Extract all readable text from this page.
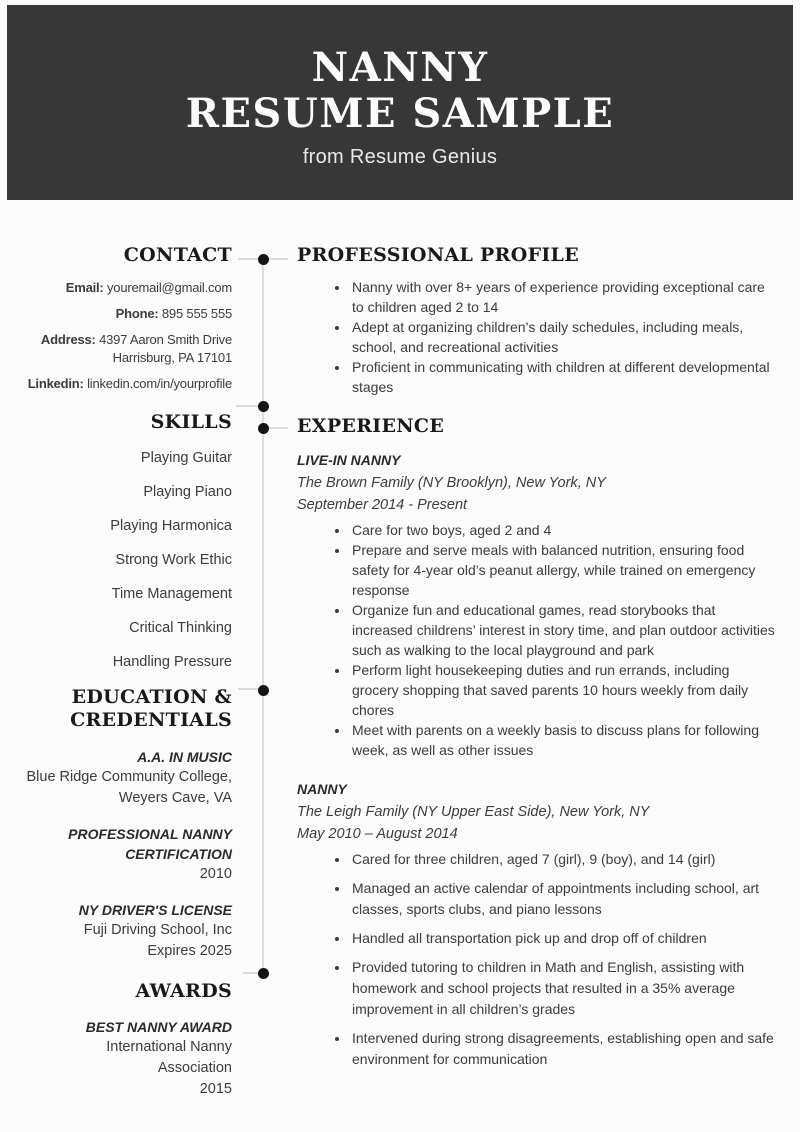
NANNY
RESUME SAMPLE
from Resume Genius
CONTACT
Email: youremail@gmail.com
Phone: 895 555 555
Address: 4397 Aaron Smith Drive
Harrisburg, PA 17101
Linkedin: linkedin.com/in/yourprofile
SKILLS
Playing Guitar
Playing Piano
Playing Harmonica
Strong Work Ethic
Time Management
Critical Thinking
Handling Pressure
EDUCATION & CREDENTIALS
A.A. IN MUSIC
Blue Ridge Community College,
Weyers Cave, VA
PROFESSIONAL NANNY CERTIFICATION
2010
NY DRIVER'S LICENSE
Fuji Driving School, Inc
Expires 2025
AWARDS
BEST NANNY AWARD
International Nanny
Association
2015
PROFESSIONAL PROFILE
• Nanny with over 8+ years of experience providing exceptional care to children aged 2 to 14
• Adept at organizing children’s daily schedules, including meals, school, and recreational activities
• Proficient in communicating with children at different developmental stages
EXPERIENCE
LIVE-IN NANNY
The Brown Family (NY Brooklyn), New York, NY
September 2014 - Present
• Care for two boys, aged 2 and 4
• Prepare and serve meals with balanced nutrition, ensuring food safety for 4-year old’s peanut allergy, while trained on emergency response
• Organize fun and educational games, read storybooks that increased childrens’ interest in story time, and plan outdoor activities such as walking to the local playground and park
• Perform light housekeeping duties and run errands, including grocery shopping that saved parents 10 hours weekly from daily chores
• Meet with parents on a weekly basis to discuss plans for following week, as well as other issues
NANNY
The Leigh Family (NY Upper East Side), New York, NY
May 2010 – August 2014
• Cared for three children, aged 7 (girl), 9 (boy), and 14 (girl)
• Managed an active calendar of appointments including school, art classes, sports clubs, and piano lessons
• Handled all transportation pick up and drop off of children
• Provided tutoring to children in Math and English, assisting with homework and school projects that resulted in a 35% average improvement in all children’s grades
• Intervened during strong disagreements, establishing open and safe environment for communication
